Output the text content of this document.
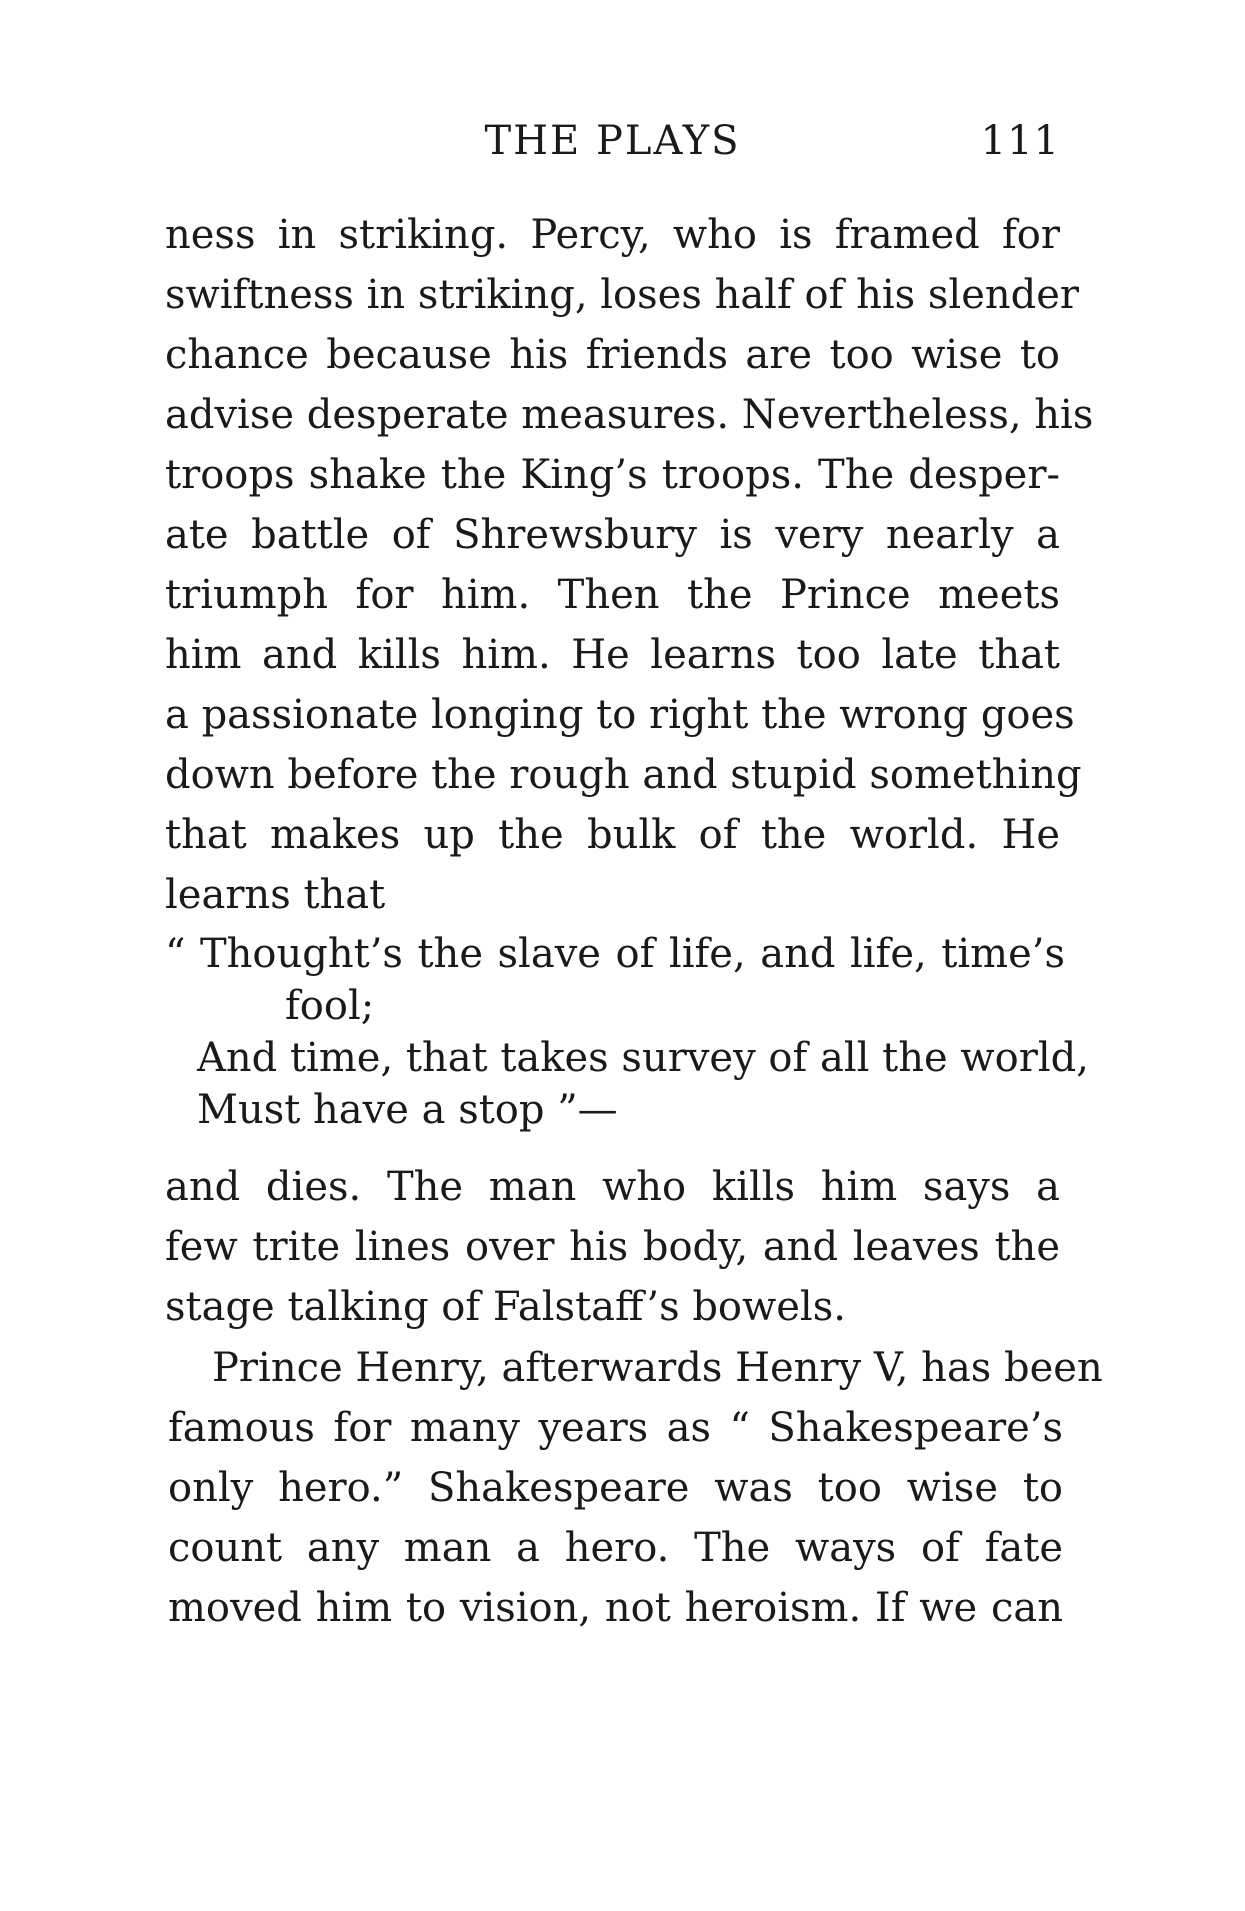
THE PLAYS	111
ness in striking. Percy, who is framed for
swiftness in striking, loses half of his slender
chance because his friends are too wise to
advise desperate measures. Nevertheless, his
troops shake the King’s troops. The desper-
ate battle of Shrewsbury is very nearly a
triumph for him. Then the Prince meets
him and kills him. He learns too late that
a passionate longing to right the wrong goes
down before the rough and stupid something
that makes up the bulk of the world. He
learns that
“ Thought’s the slave of life, and life, time’s
fool;
And time, that takes survey of all the world,
Must have a stop ”—
and dies. The man who kills him says a
few trite lines over his body, and leaves the
stage talking of Falstaff’s bowels.
Prince Henry, afterwards Henry V, has been
famous for many years as “ Shakespeare’s
only hero.” Shakespeare was too wise to
count any man a hero. The ways of fate
moved him to vision, not heroism. If we can
